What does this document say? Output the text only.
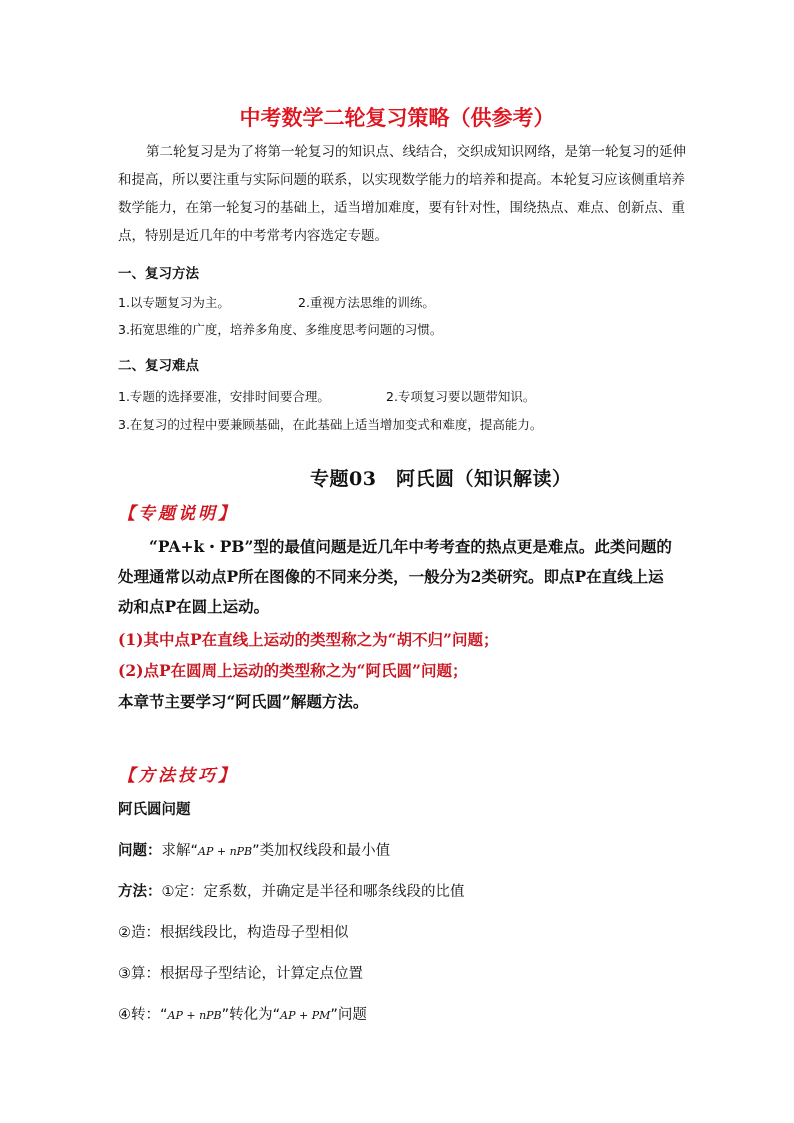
中考数学二轮复习策略（供参考）
第二轮复习是为了将第一轮复习的知识点、线结合，交织成知识网络，是第一轮复习的延伸和提高，所以要注重与实际问题的联系，以实现数学能力的培养和提高。本轮复习应该侧重培养数学能力，在第一轮复习的基础上，适当增加难度，要有针对性，围绕热点、难点、创新点、重点，特别是近几年的中考常考内容选定专题。
一、复习方法
1.以专题复习为主。	2.重视方法思维的训练。
3.拓宽思维的广度，培养多角度、多维度思考问题的习惯。
二、复习难点
1.专题的选择要准，安排时间要合理。	2.专项复习要以题带知识。
3.在复习的过程中要兼顾基础，在此基础上适当增加变式和难度，提高能力。
专题03　阿氏圆（知识解读）
【专题说明】
“PA+k・PB”型的最值问题是近几年中考考查的热点更是难点。此类问题的处理通常以动点P所在图像的不同来分类，一般分为2类研究。即点P在直线上运动和点P在圆上运动。
(1)其中点P在直线上运动的类型称之为“胡不归”问题；
(2)点P在圆周上运动的类型称之为“阿氏圆”问题；
本章节主要学习“阿氏圆”解题方法。
【方法技巧】
阿氏圆问题
问题：求解“AP + nPB”类加权线段和最小值
方法：①定：定系数，并确定是半径和哪条线段的比值
②造：根据线段比，构造母子型相似
③算：根据母子型结论，计算定点位置
④转：“AP + nPB”转化为“AP + PM”问题
